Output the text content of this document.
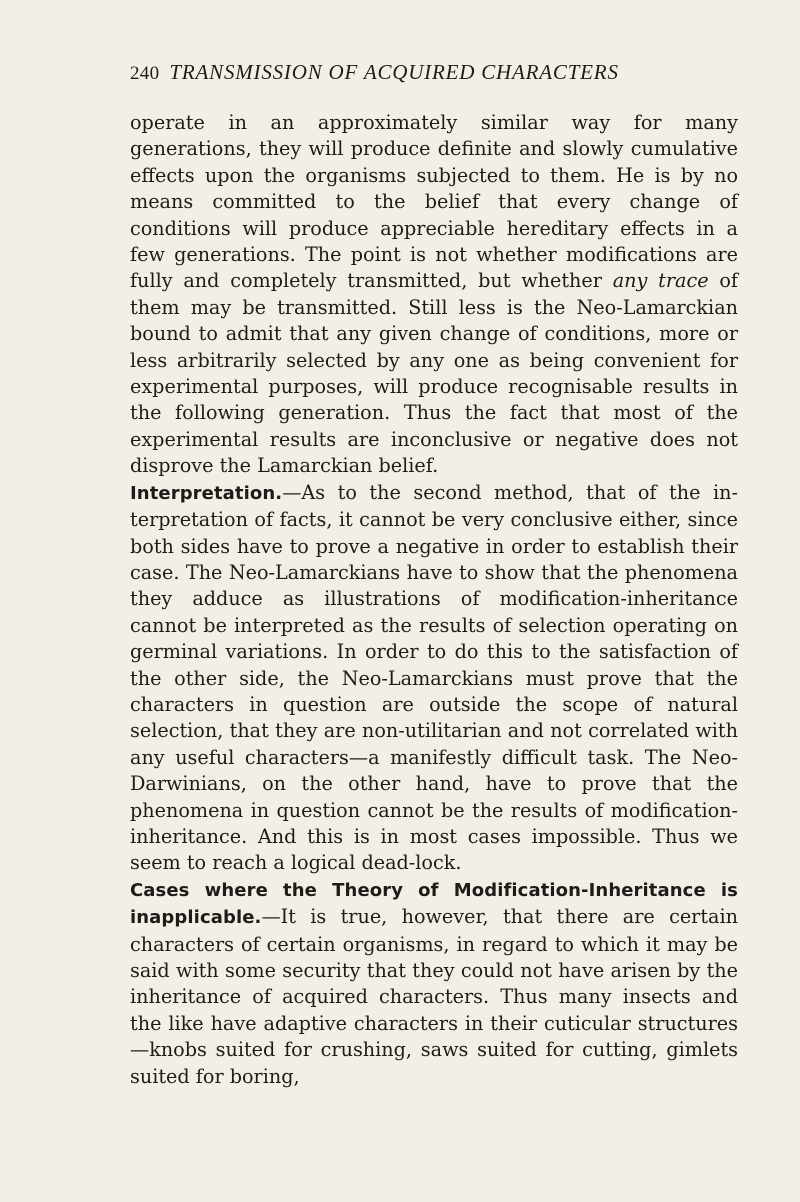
240 TRANSMISSION OF ACQUIRED CHARACTERS

operate in an approximately similar way for many generations, they will produce definite and slowly cumulative effects upon the organisms subjected to them. He is by no means committed to the belief that every change of conditions will produce appreciable hereditary effects in a few generations. The point is not whether modifications are fully and completely transmitted, but whether any trace of them may be transmitted. Still less is the Neo-Lamarckian bound to admit that any given change of conditions, more or less arbitrarily selected by any one as being convenient for experimental purposes, will produce recognisable results in the following generation. Thus the fact that most of the experimental results are inconclusive or negative does not disprove the Lamarckian belief.

Interpretation.—As to the second method, that of the interpretation of facts, it cannot be very conclusive either, since both sides have to prove a negative in order to establish their case. The Neo-Lamarckians have to show that the phenomena they adduce as illustrations of modification-inheritance cannot be interpreted as the results of selection operating on germinal variations. In order to do this to the satisfaction of the other side, the Neo-Lamarckians must prove that the characters in question are outside the scope of natural selection, that they are non-utilitarian and not correlated with any useful characters—a manifestly difficult task. The Neo-Darwinians, on the other hand, have to prove that the phenomena in question cannot be the results of modification-inheritance. And this is in most cases impossible. Thus we seem to reach a logical dead-lock.

Cases where the Theory of Modification-Inheritance is inapplicable.—It is true, however, that there are certain characters of certain organisms, in regard to which it may be said with some security that they could not have arisen by the inheritance of acquired characters. Thus many insects and the like have adaptive characters in their cuticular structures—knobs suited for crushing, saws suited for cutting, gimlets suited for boring,
